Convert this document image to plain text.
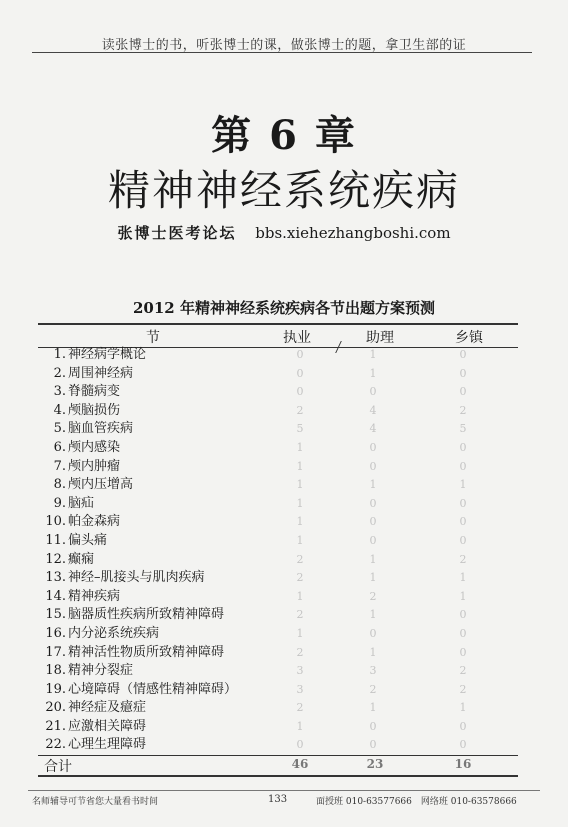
读张博士的书，听张博士的课，做张博士的题，拿卫生部的证
第 6 章
精神神经系统疾病
张博士医考论坛 bbs.xiehezhangboshi.com
2012 年精神神经系统疾病各节出题方案预测
节	执业	助理	乡镇
1. 神经病学概论	0	1	0
2. 周围神经病	0	1	0
3. 脊髓病变	0	0	0
4. 颅脑损伤	2	4	2
5. 脑血管疾病	5	4	5
6. 颅内感染	1	0	0
7. 颅内肿瘤	1	0	0
8. 颅内压增高	1	1	1
9. 脑疝	1	0	0
10. 帕金森病	1	0	0
11. 偏头痛	1	0	0
12. 癫痫	2	1	2
13. 神经–肌接头与肌肉疾病	2	1	1
14. 精神疾病	1	2	1
15. 脑器质性疾病所致精神障碍	2	1	0
16. 内分泌系统疾病	1	0	0
17. 精神活性物质所致精神障碍	2	1	0
18. 精神分裂症	3	3	2
19. 心境障碍（情感性精神障碍）	3	2	2
20. 神经症及癔症	2	1	1
21. 应激相关障碍	1	0	0
22. 心理生理障碍	0	0	0
合计	46	23	16
名师辅导可节省您大量看书时间	133	面授班 010-63577666　网络班 010-63578666
